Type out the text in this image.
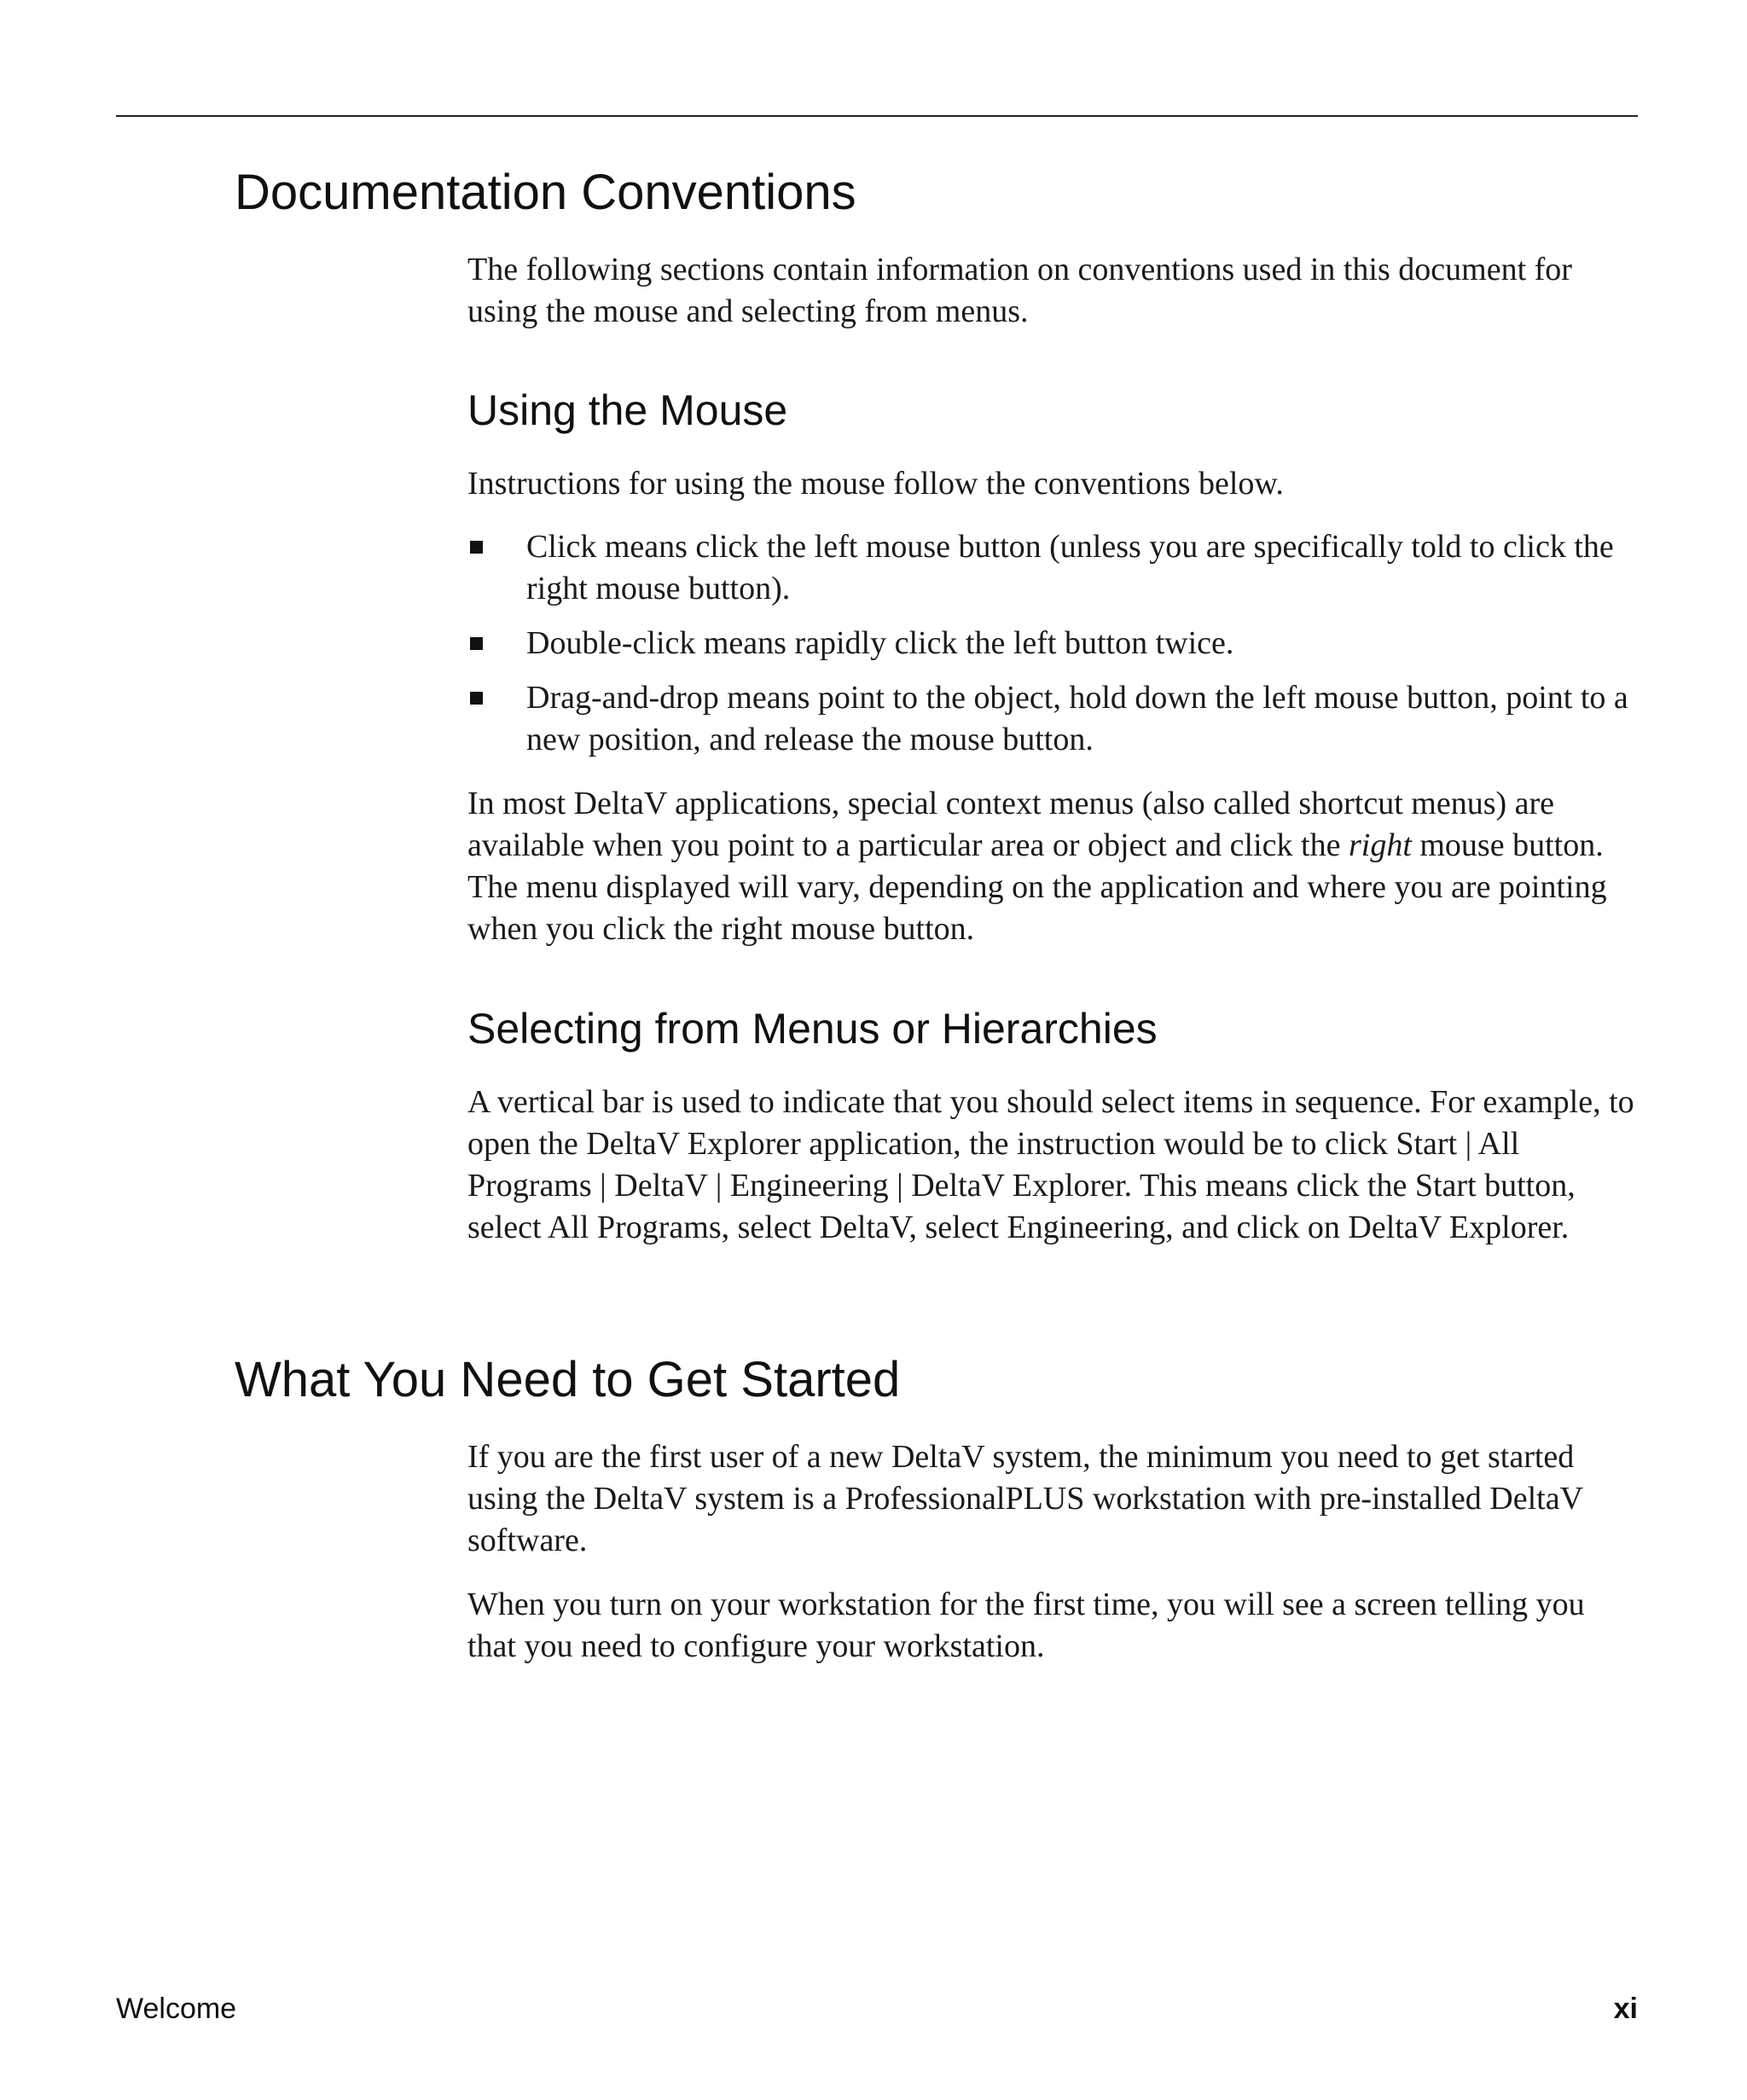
Documentation Conventions

The following sections contain information on conventions used in this document for using the mouse and selecting from menus.

Using the Mouse

Instructions for using the mouse follow the conventions below.

Click means click the left mouse button (unless you are specifically told to click the right mouse button).
Double-click means rapidly click the left button twice.
Drag-and-drop means point to the object, hold down the left mouse button, point to a new position, and release the mouse button.

In most DeltaV applications, special context menus (also called shortcut menus) are available when you point to a particular area or object and click the right mouse button. The menu displayed will vary, depending on the application and where you are pointing when you click the right mouse button.

Selecting from Menus or Hierarchies

A vertical bar is used to indicate that you should select items in sequence. For example, to open the DeltaV Explorer application, the instruction would be to click Start | All Programs | DeltaV | Engineering | DeltaV Explorer. This means click the Start button, select All Programs, select DeltaV, select Engineering, and click on DeltaV Explorer.

What You Need to Get Started

If you are the first user of a new DeltaV system, the minimum you need to get started using the DeltaV system is a ProfessionalPLUS workstation with pre-installed DeltaV software.

When you turn on your workstation for the first time, you will see a screen telling you that you need to configure your workstation.

Welcome	xi
